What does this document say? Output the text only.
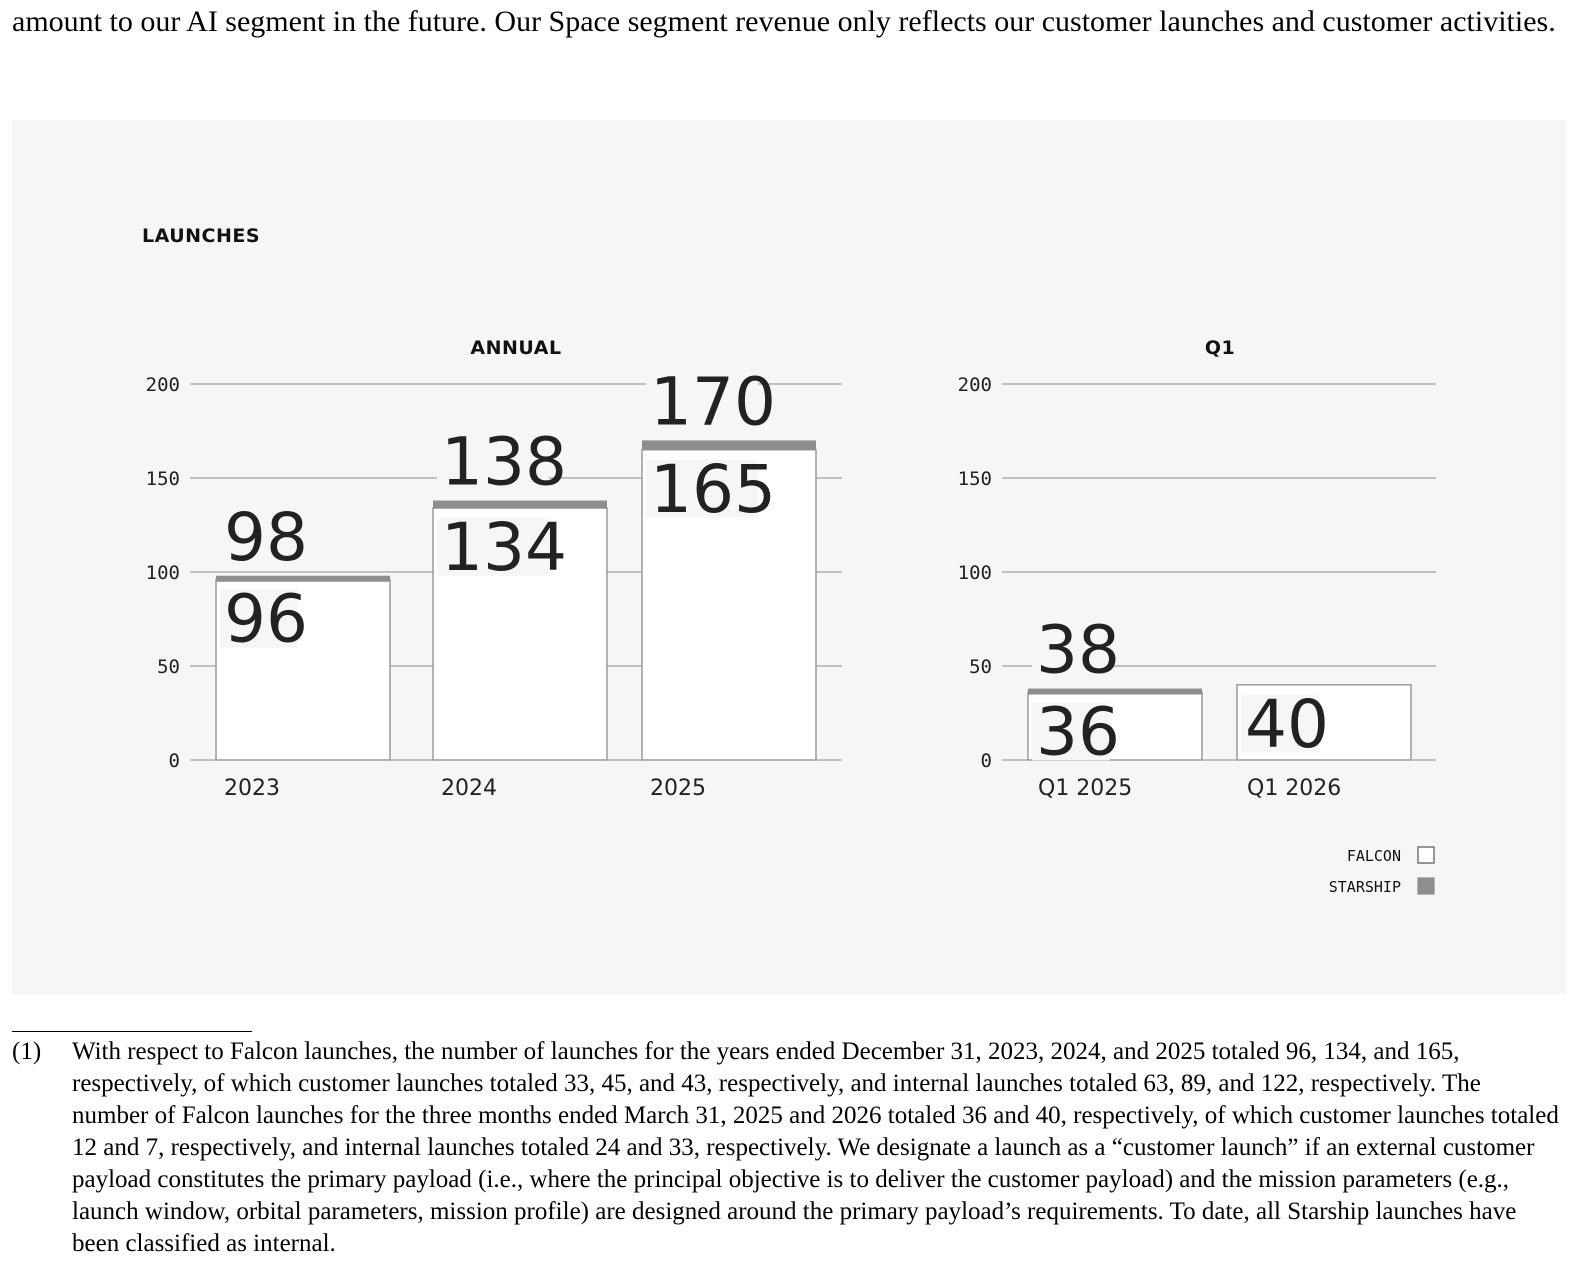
amount to our AI segment in the future. Our Space segment revenue only reflects our customer launches and customer activities.

LAUNCHES
0
50
100
150
200
ANNUAL
96
98
2023
134
138
2024
165
170
2025
0
50
100
150
200
Q1
36
38
Q1 2025
40
Q1 2026
FALCON
STARSHIP
(1)	With respect to Falcon launches, the number of launches for the years ended December 31, 2023, 2024, and 2025 totaled 96, 134, and 165, respectively, of which customer launches totaled 33, 45, and 43, respectively, and internal launches totaled 63, 89, and 122, respectively. The number of Falcon launches for the three months ended March 31, 2025 and 2026 totaled 36 and 40, respectively, of which customer launches totaled 12 and 7, respectively, and internal launches totaled 24 and 33, respectively. We designate a launch as a “customer launch” if an external customer payload constitutes the primary payload (i.e., where the principal objective is to deliver the customer payload) and the mission parameters (e.g., launch window, orbital parameters, mission profile) are designed around the primary payload’s requirements. To date, all Starship launches have been classified as internal.
